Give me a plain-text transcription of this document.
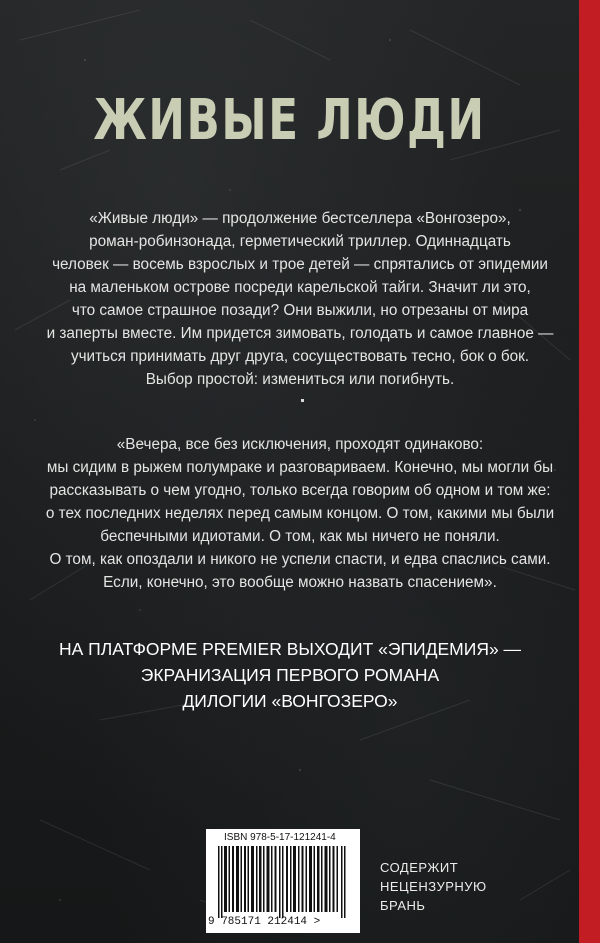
ЖИВЫЕ ЛЮДИ
«Живые люди» — продолжение бестселлера «Вонгозеро»,
роман-робинзонада, герметический триллер. Одиннадцать
человек — восемь взрослых и трое детей — спрятались от эпидемии
на маленьком острове посреди карельской тайги. Значит ли это,
что самое страшное позади? Они выжили, но отрезаны от мира
и заперты вместе. Им придется зимовать, голодать и самое главное —
учиться принимать друг друга, сосуществовать тесно, бок о бок.
Выбор простой: измениться или погибнуть.
«Вечера, все без исключения, проходят одинаково:
мы сидим в рыжем полумраке и разговариваем. Конечно, мы могли бы
рассказывать о чем угодно, только всегда говорим об одном и том же:
о тех последних неделях перед самым концом. О том, какими мы были
беспечными идиотами. О том, как мы ничего не поняли.
О том, как опоздали и никого не успели спасти, и едва спаслись сами.
Если, конечно, это вообще можно назвать спасением».
НА ПЛАТФОРМЕ PREMIER ВЫХОДИТ «ЭПИДЕМИЯ» —
ЭКРАНИЗАЦИЯ ПЕРВОГО РОМАНА
ДИЛОГИИ «ВОНГОЗЕРО»
ISBN 978-5-17-121241-4
9 785171 212414 >
СОДЕРЖИТ
НЕЦЕНЗУРНУЮ
БРАНЬ
